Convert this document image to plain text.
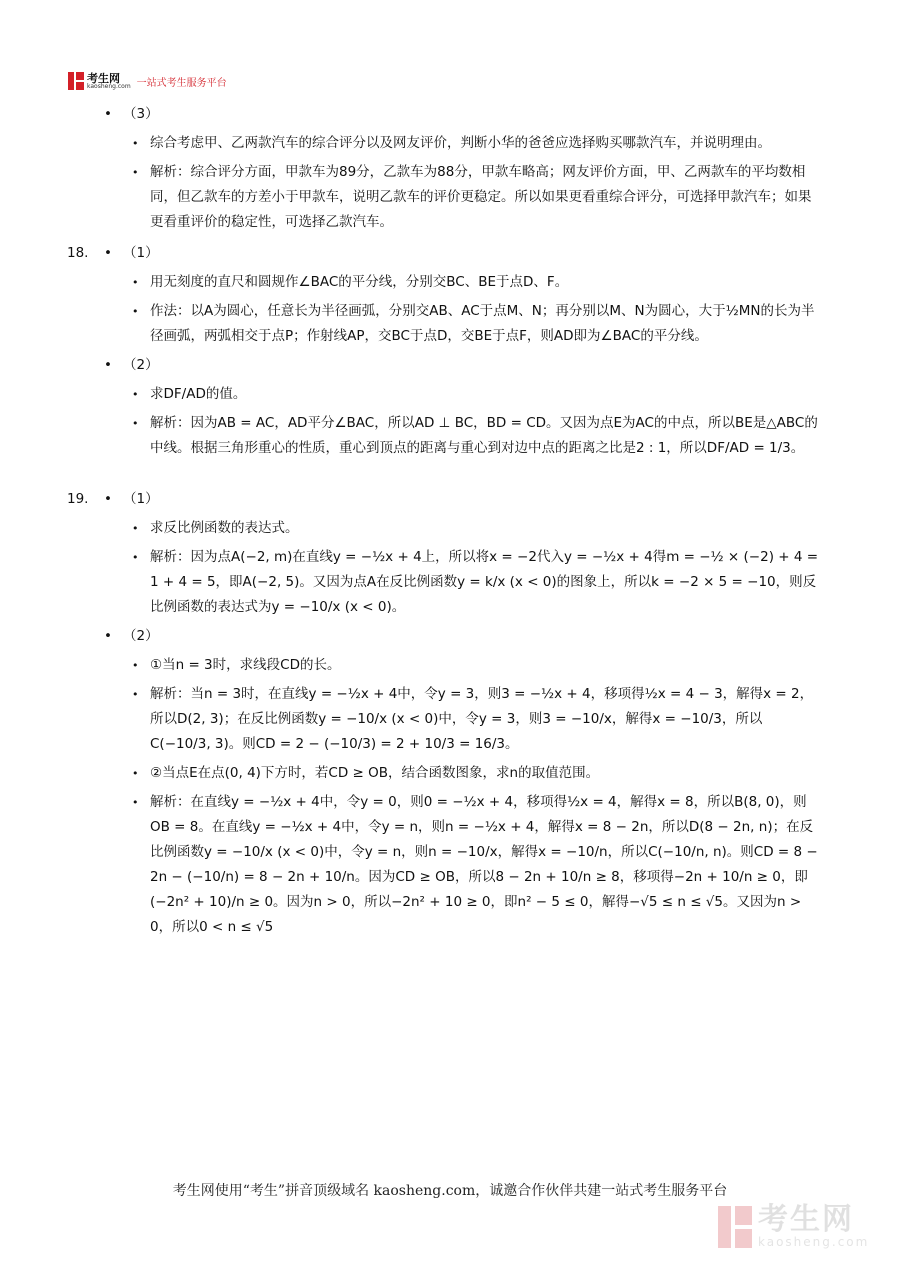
考生网
kaosheng.com 一站式考生服务平台
• （3）
• 综合考虑甲、乙两款汽车的综合评分以及网友评价，判断小华的爸爸应选择购买哪款汽车，并说明理由。
• 解析：综合评分方面，甲款车为89分，乙款车为88分，甲款车略高；网友评价方面，甲、乙两款车的平均数相同，但乙款车的方差小于甲款车，说明乙款车的评价更稳定。所以如果更看重综合评分，可选择甲款汽车；如果更看重评价的稳定性，可选择乙款汽车。
18.	• （1）
• 用无刻度的直尺和圆规作∠BAC的平分线，分别交BC、BE于点D、F。
• 作法：以A为圆心，任意长为半径画弧，分别交AB、AC于点M、N；再分别以M、N为圆心，大于½MN的长为半径画弧，两弧相交于点P；作射线AP，交BC于点D，交BE于点F，则AD即为∠BAC的平分线。
• （2）
• 求DF/AD的值。
• 解析：因为AB = AC，AD平分∠BAC，所以AD ⊥ BC，BD = CD。又因为点E为AC的中点，所以BE是△ABC的中线。根据三角形重心的性质，重心到顶点的距离与重心到对边中点的距离之比是2 : 1，所以DF/AD = 1/3。
19.	• （1）
• 求反比例函数的表达式。
• 解析：因为点A(−2, m)在直线y = −½x + 4上，所以将x = −2代入y = −½x + 4得m = −½ × (−2) + 4 = 1 + 4 = 5，即A(−2, 5)。又因为点A在反比例函数y = k/x (x < 0)的图象上，所以k = −2 × 5 = −10，则反比例函数的表达式为y = −10/x (x < 0)。
• （2）
• ①当n = 3时，求线段CD的长。
• 解析：当n = 3时，在直线y = −½x + 4中，令y = 3，则3 = −½x + 4，移项得½x = 4 − 3，解得x = 2，所以D(2, 3)；在反比例函数y = −10/x (x < 0)中，令y = 3，则3 = −10/x，解得x = −10/3，所以C(−10/3, 3)。则CD = 2 − (−10/3) = 2 + 10/3 = 16/3。
• ②当点E在点(0, 4)下方时，若CD ≥ OB，结合函数图象，求n的取值范围。
• 解析：在直线y = −½x + 4中，令y = 0，则0 = −½x + 4，移项得½x = 4，解得x = 8，所以B(8, 0)，则OB = 8。在直线y = −½x + 4中，令y = n，则n = −½x + 4，解得x = 8 − 2n，所以D(8 − 2n, n)；在反比例函数y = −10/x (x < 0)中，令y = n，则n = −10/x，解得x = −10/n，所以C(−10/n, n)。则CD = 8 − 2n − (−10/n) = 8 − 2n + 10/n。因为CD ≥ OB，所以8 − 2n + 10/n ≥ 8，移项得−2n + 10/n ≥ 0，即(−2n² + 10)/n ≥ 0。因为n > 0，所以−2n² + 10 ≥ 0，即n² − 5 ≤ 0，解得−√5 ≤ n ≤ √5。又因为n > 0，所以0 < n ≤ √5
考生网使用“考生”拼音顶级域名 kaosheng.com，诚邀合作伙伴共建一站式考生服务平台
考生网
kaosheng.com
